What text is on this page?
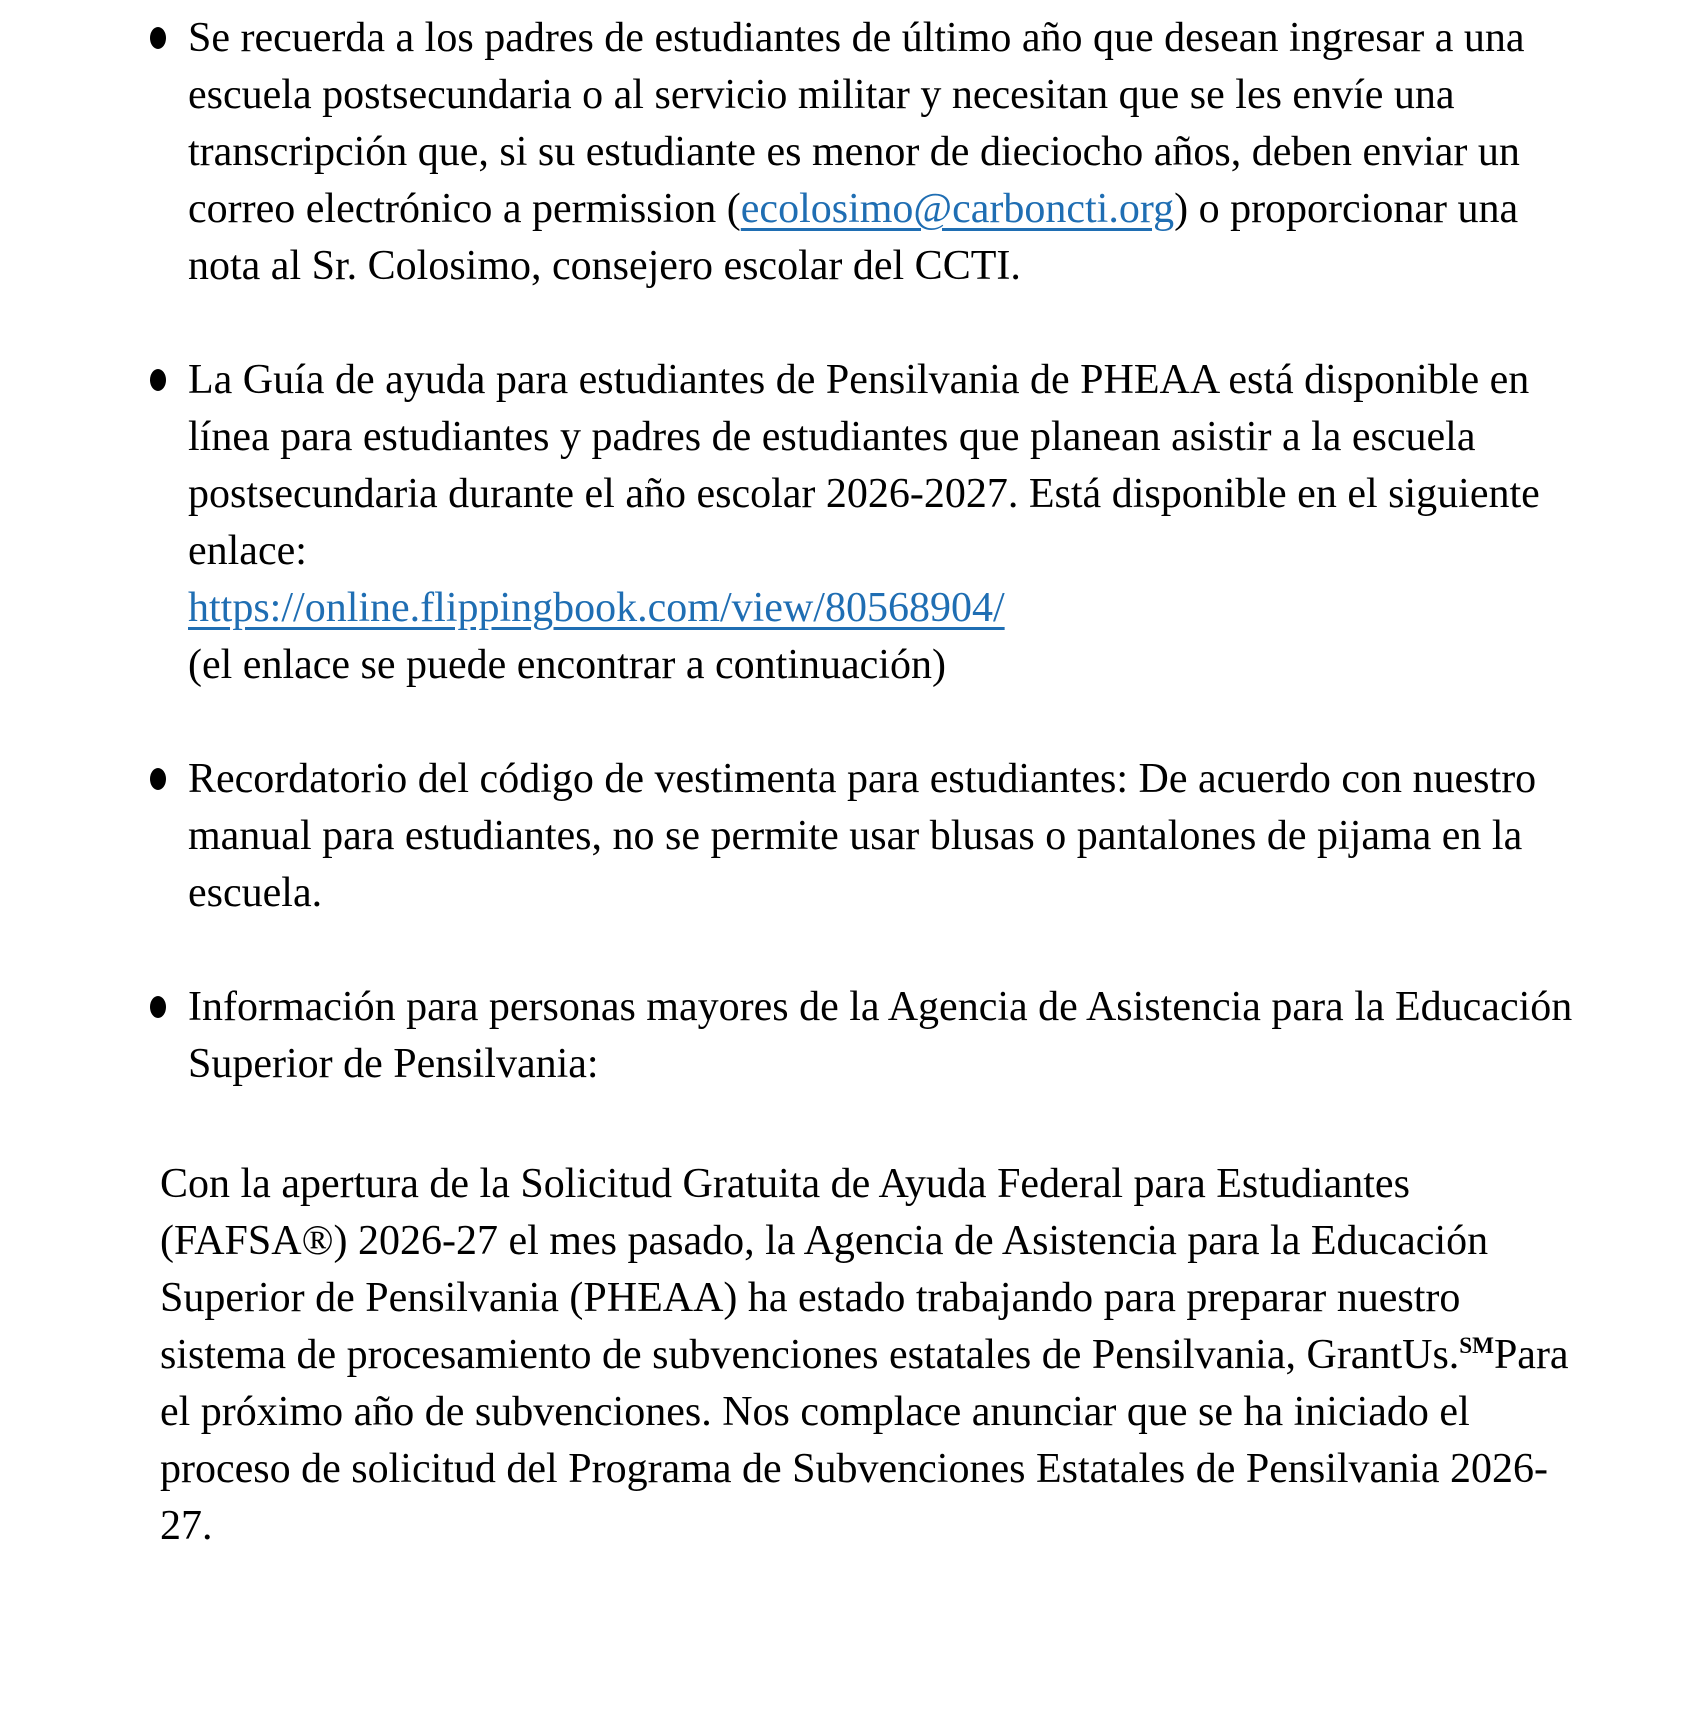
Se recuerda a los padres de estudiantes de último año que desean ingresar a una escuela postsecundaria o al servicio militar y necesitan que se les envíe una transcripción que, si su estudiante es menor de dieciocho años, deben enviar un correo electrónico a permission (ecolosimo@carboncti.org) o proporcionar una nota al Sr. Colosimo, consejero escolar del CCTI.
La Guía de ayuda para estudiantes de Pensilvania de PHEAA está disponible en línea para estudiantes y padres de estudiantes que planean asistir a la escuela postsecundaria durante el año escolar 2026-2027. Está disponible en el siguiente enlace:
https://online.flippingbook.com/view/80568904/
(el enlace se puede encontrar a continuación)
Recordatorio del código de vestimenta para estudiantes: De acuerdo con nuestro manual para estudiantes, no se permite usar blusas o pantalones de pijama en la escuela.
Información para personas mayores de la Agencia de Asistencia para la Educación Superior de Pensilvania:
Con la apertura de la Solicitud Gratuita de Ayuda Federal para Estudiantes (FAFSA®) 2026-27 el mes pasado, la Agencia de Asistencia para la Educación Superior de Pensilvania (PHEAA) ha estado trabajando para preparar nuestro sistema de procesamiento de subvenciones estatales de Pensilvania, GrantUs.℠Para el próximo año de subvenciones. Nos complace anunciar que se ha iniciado el proceso de solicitud del Programa de Subvenciones Estatales de Pensilvania 2026-27.
